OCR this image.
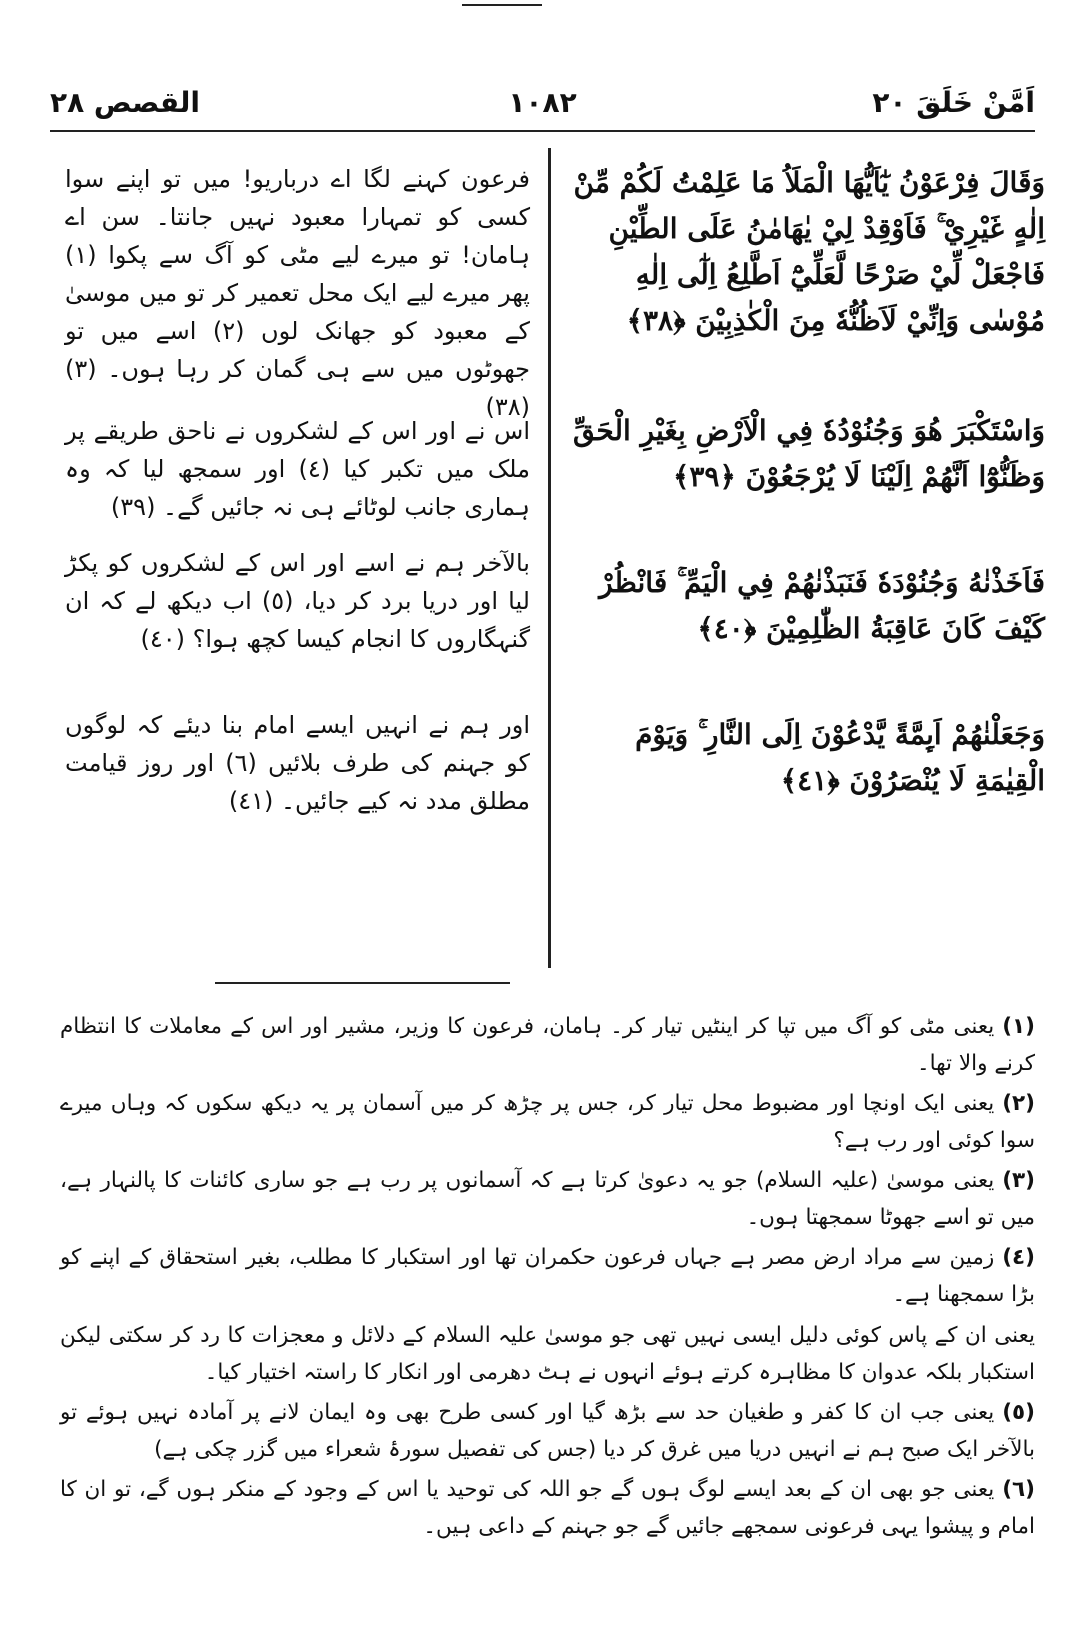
اَمَّنْ خَلَقَ ٢٠
١٠٨٢
القصص ٢٨
وَقَالَ فِرْعَوْنُ يٰٓاَيُّهَا الْمَلَاُ مَا عَلِمْتُ لَكُمْ مِّنْ اِلٰهٍ غَيْرِيْ ۚ فَاَوْقِدْ لِيْ يٰهَامٰنُ عَلَى الطِّيْنِ فَاجْعَلْ لِّيْ صَرْحًا لَّعَلِّيْٓ اَطَّلِعُ اِلٰٓى اِلٰهِ مُوْسٰى وَاِنِّيْ لَاَظُنُّهٗ مِنَ الْكٰذِبِيْنَ ﴿٣٨﴾
وَاسْتَكْبَرَ هُوَ وَجُنُوْدُهٗ فِي الْاَرْضِ بِغَيْرِ الْحَقِّ وَظَنُّوْٓا اَنَّهُمْ اِلَيْنَا لَا يُرْجَعُوْنَ ﴿٣٩﴾
فَاَخَذْنٰهُ وَجُنُوْدَهٗ فَنَبَذْنٰهُمْ فِي الْيَمِّ ۚ فَانْظُرْ كَيْفَ كَانَ عَاقِبَةُ الظّٰلِمِيْنَ ﴿٤٠﴾
وَجَعَلْنٰهُمْ اَىِٕمَّةً يَّدْعُوْنَ اِلَى النَّارِ ۚ وَيَوْمَ الْقِيٰمَةِ لَا يُنْصَرُوْنَ ﴿٤١﴾
فرعون کہنے لگا اے درباریو! میں تو اپنے سوا کسی کو تمہارا معبود نہیں جانتا۔ سن اے ہامان! تو میرے لیے مٹی کو آگ سے پکوا (١) پھر میرے لیے ایک محل تعمیر کر تو میں موسیٰ کے معبود کو جھانک لوں (٢) اسے میں تو جھوٹوں میں سے ہی گمان کر رہا ہوں۔ (٣) (٣٨)
اس نے اور اس کے لشکروں نے ناحق طریقے پر ملک میں تکبر کیا (٤) اور سمجھ لیا کہ وہ ہماری جانب لوٹائے ہی نہ جائیں گے۔ (٣٩)
بالآخر ہم نے اسے اور اس کے لشکروں کو پکڑ لیا اور دریا برد کر دیا، (٥) اب دیکھ لے کہ ان گنہگاروں کا انجام کیسا کچھ ہوا؟ (٤٠)
اور ہم نے انہیں ایسے امام بنا دیئے کہ لوگوں کو جہنم کی طرف بلائیں (٦) اور روز قیامت مطلق مدد نہ کیے جائیں۔ (٤١)

(١)یعنی مٹی کو آگ میں تپا کر اینٹیں تیار کر۔ ہامان، فرعون کا وزیر، مشیر اور اس کے معاملات کا انتظام کرنے والا تھا۔

(٢)یعنی ایک اونچا اور مضبوط محل تیار کر، جس پر چڑھ کر میں آسمان پر یہ دیکھ سکوں کہ وہاں میرے سوا کوئی اور رب ہے؟

(٣)یعنی موسیٰ (علیہ السلام) جو یہ دعویٰ کرتا ہے کہ آسمانوں پر رب ہے جو ساری کائنات کا پالنہار ہے، میں تو اسے جھوٹا سمجھتا ہوں۔

(٤)زمین سے مراد ارض مصر ہے جہاں فرعون حکمران تھا اور استکبار کا مطلب، بغیر استحقاق کے اپنے کو بڑا سمجھنا ہے۔

یعنی ان کے پاس کوئی دلیل ایسی نہیں تھی جو موسیٰ علیہ السلام کے دلائل و معجزات کا رد کر سکتی لیکن استکبار بلکہ عدوان کا مظاہرہ کرتے ہوئے انہوں نے ہٹ دھرمی اور انکار کا راستہ اختیار کیا۔

(٥)یعنی جب ان کا کفر و طغیان حد سے بڑھ گیا اور کسی طرح بھی وہ ایمان لانے پر آمادہ نہیں ہوئے تو بالآخر ایک صبح ہم نے انہیں دریا میں غرق کر دیا (جس کی تفصیل سورۂ شعراء میں گزر چکی ہے)

(٦)یعنی جو بھی ان کے بعد ایسے لوگ ہوں گے جو اللہ کی توحید یا اس کے وجود کے منکر ہوں گے، تو ان کا امام و پیشوا یہی فرعونی سمجھے جائیں گے جو جہنم کے داعی ہیں۔
